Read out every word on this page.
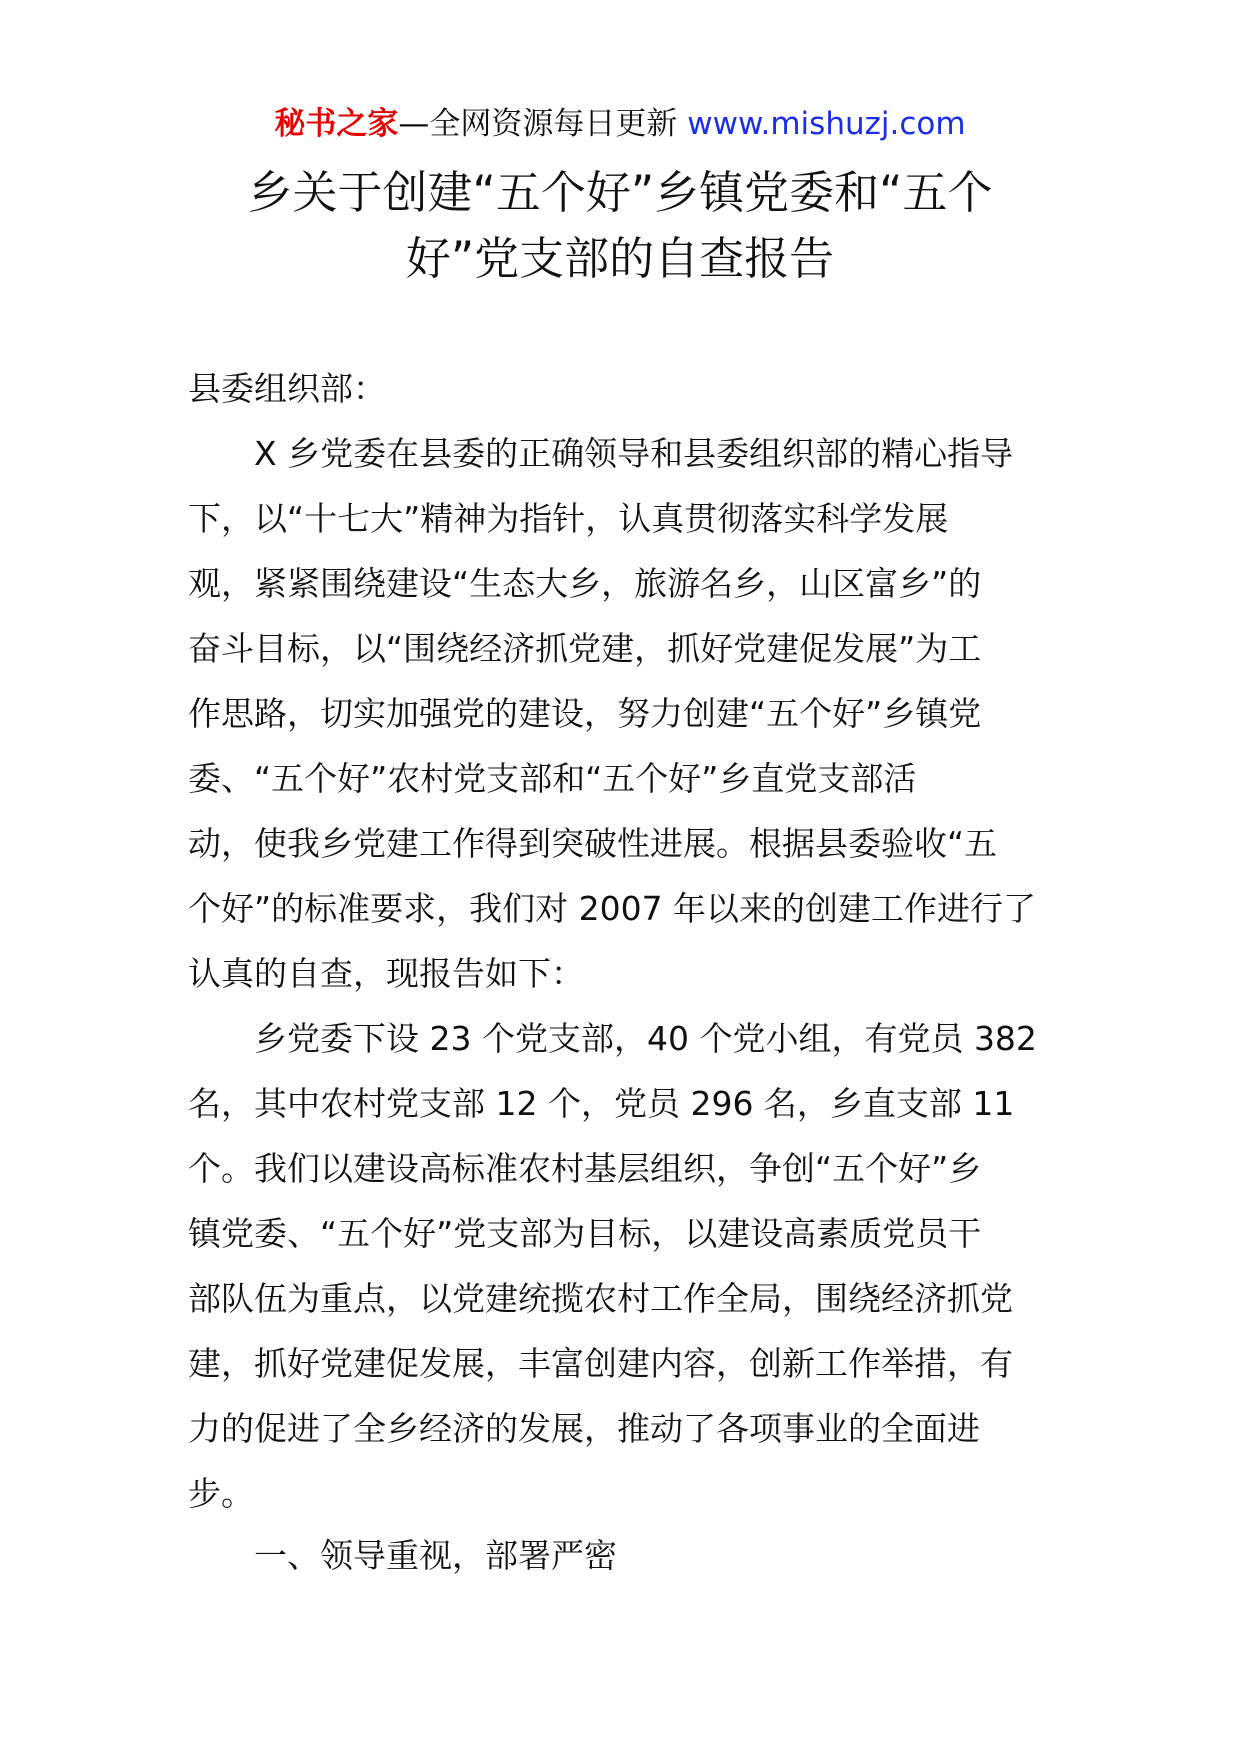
秘书之家—全网资源每日更新 www.mishuzj.com
乡关于创建“五个好”乡镇党委和“五个
好”党支部的自查报告
县委组织部：
X 乡党委在县委的正确领导和县委组织部的精心指导
下，以“十七大”精神为指针，认真贯彻落实科学发展
观，紧紧围绕建设“生态大乡，旅游名乡，山区富乡”的
奋斗目标，以“围绕经济抓党建，抓好党建促发展”为工
作思路，切实加强党的建设，努力创建“五个好”乡镇党
委、“五个好”农村党支部和“五个好”乡直党支部活
动，使我乡党建工作得到突破性进展。根据县委验收“五
个好”的标准要求，我们对 2007 年以来的创建工作进行了
认真的自查，现报告如下：
乡党委下设 23 个党支部，40 个党小组，有党员 382
名，其中农村党支部 12 个，党员 296 名，乡直支部 11
个。我们以建设高标准农村基层组织，争创“五个好”乡
镇党委、“五个好”党支部为目标，以建设高素质党员干
部队伍为重点，以党建统揽农村工作全局，围绕经济抓党
建，抓好党建促发展，丰富创建内容，创新工作举措，有
力的促进了全乡经济的发展，推动了各项事业的全面进
步。
一、领导重视，部署严密
